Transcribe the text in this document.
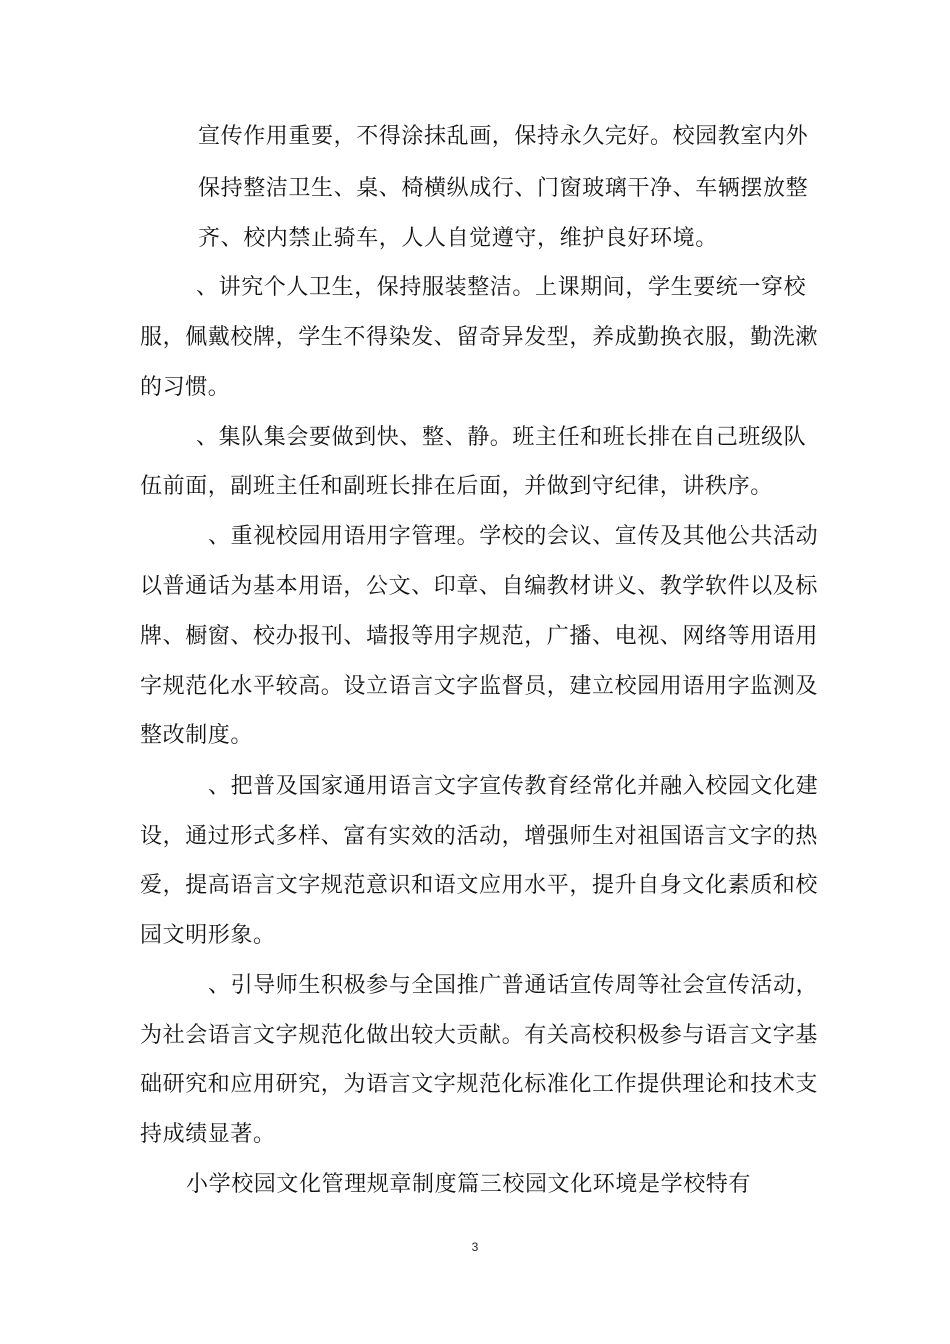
宣传作用重要，不得涂抹乱画，保持永久完好。校园教室内外
保持整洁卫生、桌、椅横纵成行、门窗玻璃干净、车辆摆放整
齐、校内禁止骑车，人人自觉遵守，维护良好环境。
、讲究个人卫生，保持服装整洁。上课期间，学生要统一穿校
服，佩戴校牌，学生不得染发、留奇异发型，养成勤换衣服，勤洗漱
的习惯。
、集队集会要做到快、整、静。班主任和班长排在自己班级队
伍前面，副班主任和副班长排在后面，并做到守纪律，讲秩序。
、重视校园用语用字管理。学校的会议、宣传及其他公共活动
以普通话为基本用语，公文、印章、自编教材讲义、教学软件以及标
牌、橱窗、校办报刊、墙报等用字规范，广播、电视、网络等用语用
字规范化水平较高。设立语言文字监督员，建立校园用语用字监测及
整改制度。
、把普及国家通用语言文字宣传教育经常化并融入校园文化建
设，通过形式多样、富有实效的活动，增强师生对祖国语言文字的热
爱，提高语言文字规范意识和语文应用水平，提升自身文化素质和校
园文明形象。
、引导师生积极参与全国推广普通话宣传周等社会宣传活动，
为社会语言文字规范化做出较大贡献。有关高校积极参与语言文字基
础研究和应用研究，为语言文字规范化标准化工作提供理论和技术支
持成绩显著。
小学校园文化管理规章制度篇三校园文化环境是学校特有
3
